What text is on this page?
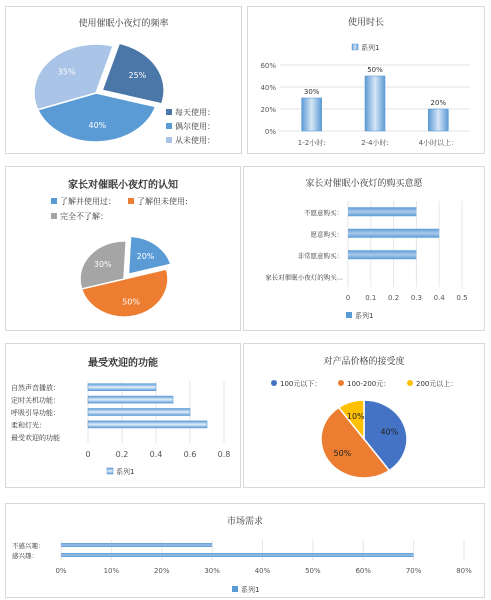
使用催眠小夜灯的频率
25%
40%
35%
每天使用：
偶尔使用：
从未使用：
使用时长
系列1
0%
20%
40%
60%
30%
1-2小时:
50%
2-4小时:
20%
4小时以上：
家长对催眠小夜灯的认知
了解并使用过：	了解但未使用:
完全不了解：
20%
50%
30%
家长对催眠小夜灯的购买意愿
0 0.1 0.2 0.3 0.4 0.5
不愿意购买：
愿意购买：
非常愿意购买：
家长对催眠小夜灯的购买...
系列1
最受欢迎的功能
0	0.2	0.4	0.6	0.8
自然声音播放：
定时关机功能：
呼吸引导功能：
柔和灯光：
最受欢迎的功能
系列1
对产品价格的接受度
100元以下：	100-200元：	200元以上：
40%
50%
10%
市场需求
0%	10%	20%	30%	40%	50%	60%	70%	80%
不感兴趣：
感兴趣：
系列1
